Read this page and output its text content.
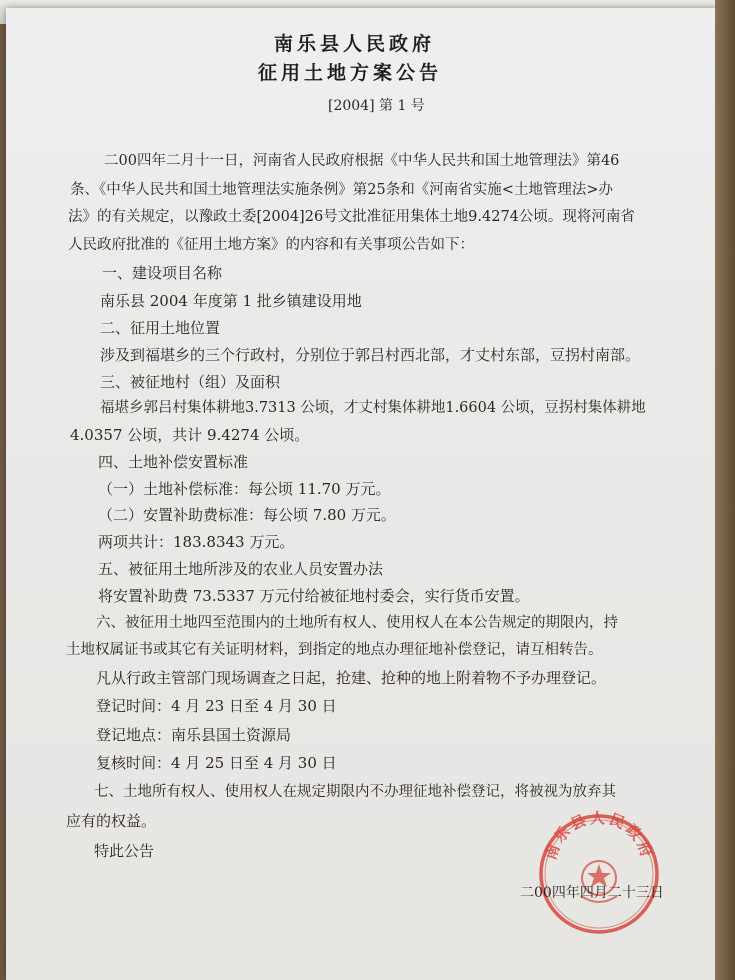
南乐县人民政府
征用土地方案公告
[2004] 第 1 号
二00四年二月十一日，河南省人民政府根据《中华人民共和国土地管理法》第46
条、《中华人民共和国土地管理法实施条例》第25条和《河南省实施<土地管理法>办
法》的有关规定，以豫政土委[2004]26号文批准征用集体土地9.4274公顷。现将河南省
人民政府批准的《征用土地方案》的内容和有关事项公告如下：
一、建设项目名称
南乐县 2004 年度第 1 批乡镇建设用地
二、征用土地位置
涉及到福堪乡的三个行政村，分别位于郭吕村西北部，才丈村东部，豆拐村南部。
三、被征地村（组）及面积
福堪乡郭吕村集体耕地3.7313 公顷，才丈村集体耕地1.6604 公顷，豆拐村集体耕地
4.0357 公顷，共计 9.4274 公顷。
四、土地补偿安置标准
（一）土地补偿标准：每公顷 11.70 万元。
（二）安置补助费标准：每公顷 7.80 万元。
两项共计：183.8343 万元。
五、被征用土地所涉及的农业人员安置办法
将安置补助费 73.5337 万元付给被征地村委会，实行货币安置。
六、被征用土地四至范围内的土地所有权人、使用权人在本公告规定的期限内，持
土地权属证书或其它有关证明材料，到指定的地点办理征地补偿登记，请互相转告。
凡从行政主管部门现场调查之日起，抢建、抢种的地上附着物不予办理登记。
登记时间：4 月 23 日至 4 月 30 日
登记地点：南乐县国土资源局
复核时间：4 月 25 日至 4 月 30 日
七、土地所有权人、使用权人在规定期限内不办理征地补偿登记，将被视为放弃其
应有的权益。
特此公告	南乐县人民政府
二00四年四月二十三日
